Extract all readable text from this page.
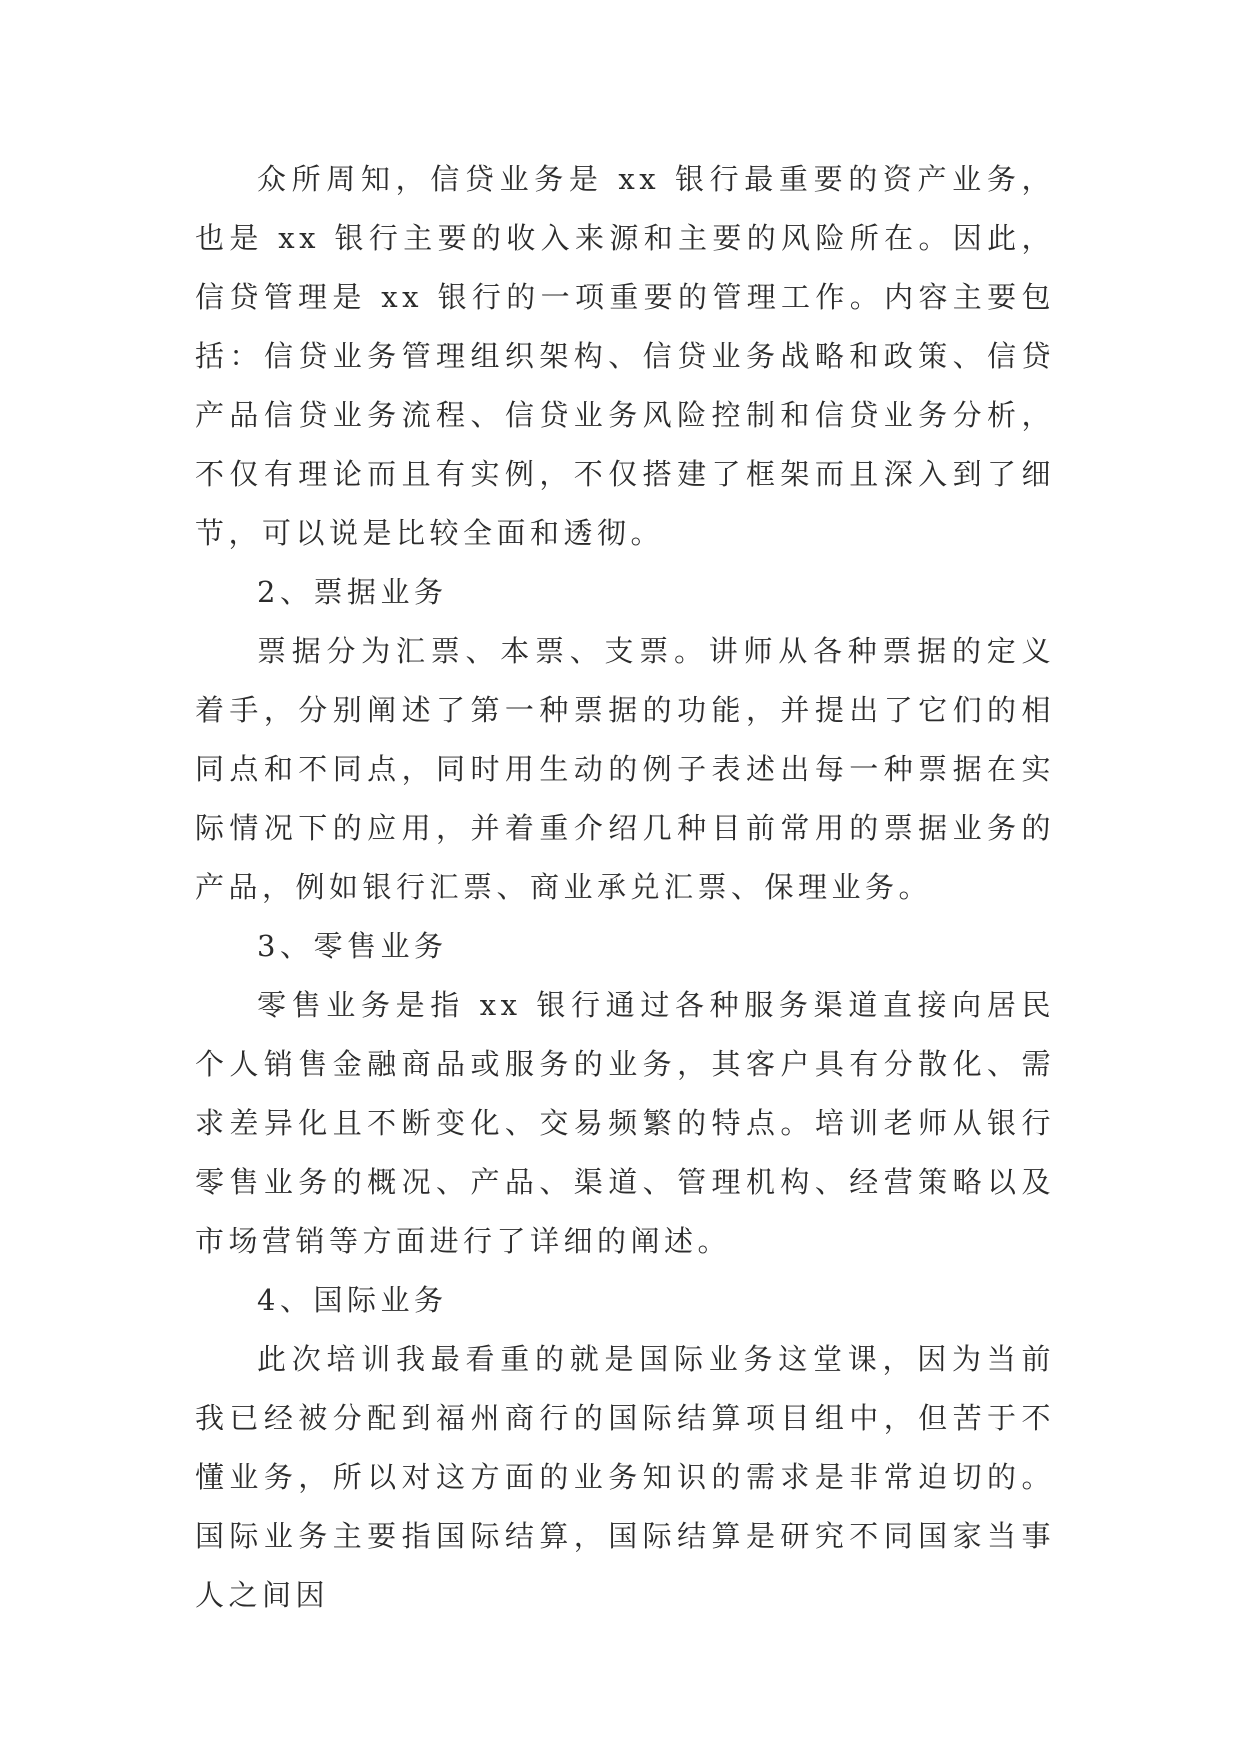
众所周知，信贷业务是 xx 银行最重要的资产业务，也是 xx 银行主要的收入来源和主要的风险所在。因此，信贷管理是 xx 银行的一项重要的管理工作。内容主要包括：信贷业务管理组织架构、信贷业务战略和政策、信贷产品信贷业务流程、信贷业务风险控制和信贷业务分析，不仅有理论而且有实例，不仅搭建了框架而且深入到了细节，可以说是比较全面和透彻。

2、票据业务

票据分为汇票、本票、支票。讲师从各种票据的定义着手，分别阐述了第一种票据的功能，并提出了它们的相同点和不同点，同时用生动的例子表述出每一种票据在实际情况下的应用，并着重介绍几种目前常用的票据业务的产品，例如银行汇票、商业承兑汇票、保理业务。

3、零售业务

零售业务是指 xx 银行通过各种服务渠道直接向居民个人销售金融商品或服务的业务，其客户具有分散化、需求差异化且不断变化、交易频繁的特点。培训老师从银行零售业务的概况、产品、渠道、管理机构、经营策略以及市场营销等方面进行了详细的阐述。

4、国际业务

此次培训我最看重的就是国际业务这堂课，因为当前我已经被分配到福州商行的国际结算项目组中，但苦于不懂业务，所以对这方面的业务知识的需求是非常迫切的。国际业务主要指国际结算，国际结算是研究不同国家当事人之间因
